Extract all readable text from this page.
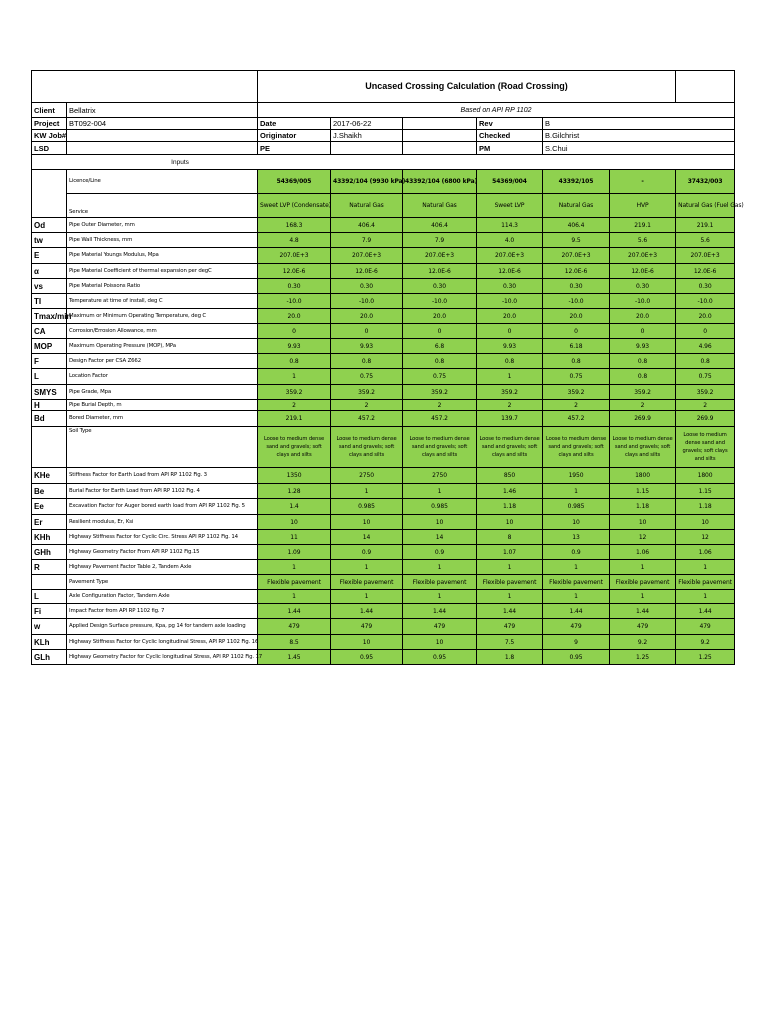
		Uncased Crossing Calculation (Road Crossing)						
Client	Bellatrix	Based on API RP 1102						
Project	BT092-004	Date	2017-06-22		Rev	B		
KW Job#		Originator	J.Shaikh		Checked	B.Gilchrist		
LSD		PE			PM	S.Chui		
Inputs								
	Licence/Line	54369/005	43392/104 (9930 kPa)	43392/104 (6800 kPa)	54369/004	43392/105	-	37432/003
	Service	Sweet LVP (Condensate)	Natural Gas	Natural Gas	Sweet LVP	Natural Gas	HVP	Natural Gas (Fuel Gas)
Od	Pipe Outer Diameter, mm	168.3	406.4	406.4	114.3	406.4	219.1	219.1
tw	Pipe Wall Thickness, mm	4.8	7.9	7.9	4.0	9.5	5.6	5.6
E	Pipe Material Youngs Modulus, Mpa	207.0E+3	207.0E+3	207.0E+3	207.0E+3	207.0E+3	207.0E+3	207.0E+3
α	Pipe Material Coefficient of thermal expansion per degC	12.0E-6	12.0E-6	12.0E-6	12.0E-6	12.0E-6	12.0E-6	12.0E-6
vs	Pipe Material Poissons Ratio	0.30	0.30	0.30	0.30	0.30	0.30	0.30
TI	Temperature at time of install, deg C	-10.0	-10.0	-10.0	-10.0	-10.0	-10.0	-10.0
Tmax/min	Maximum or Minimum Operating Temperature, deg C	20.0	20.0	20.0	20.0	20.0	20.0	20.0
CA	Corrosion/Errosion Allowance, mm	0	0	0	0	0	0	0
MOP	Maximum Operating Pressure (MOP), MPa	9.93	9.93	6.8	9.93	6.18	9.93	4.96
F	Design Factor per CSA Z662	0.8	0.8	0.8	0.8	0.8	0.8	0.8
L	Location Factor	1	0.75	0.75	1	0.75	0.8	0.75
SMYS	Pipe Grade, Mpa	359.2	359.2	359.2	359.2	359.2	359.2	359.2
H	Pipe Burial Depth, m	2	2	2	2	2	2	2
Bd	Bored Diameter, mm	219.1	457.2	457.2	139.7	457.2	269.9	269.9
	Soil Type	Loose to medium dense sand and gravels; soft clays and silts	Loose to medium dense sand and gravels; soft clays and silts	Loose to medium dense sand and gravels; soft clays and silts	Loose to medium dense sand and gravels; soft clays and silts	Loose to medium dense sand and gravels; soft clays and silts	Loose to medium dense sand and gravels; soft clays and silts	Loose to medium dense sand and gravels; soft clays and silts
KHe	Stiffness Factor for Earth Load from API RP 1102 Fig. 3	1350	2750	2750	850	1950	1800	1800
Be	Burial Factor for Earth Load from API RP 1102 Fig. 4	1.28	1	1	1.46	1	1.15	1.15
Ee	Excavation Factor for Auger bored earth load from API RP 1102 Fig. 5	1.4	0.985	0.985	1.18	0.985	1.18	1.18
Er	Resilient modulus, Er, Ksi	10	10	10	10	10	10	10
KHh	Highway Stiffness Factor for Cyclic Circ. Stress API RP 1102 Fig. 14	11	14	14	8	13	12	12
GHh	Highway Geometry Factor From API RP 1102 Fig.15	1.09	0.9	0.9	1.07	0.9	1.06	1.06
R	Highway Pavement Factor Table 2, Tandem Axle	1	1	1	1	1	1	1
	Pavement Type	Flexible pavement	Flexible pavement	Flexible pavement	Flexible pavement	Flexible pavement	Flexible pavement	Flexible pavement
L	Axle Configuration Factor, Tandem Axle	1	1	1	1	1	1	1
Fi	Impact Factor from API RP 1102 fig. 7	1.44	1.44	1.44	1.44	1.44	1.44	1.44
w	Applied Design Surface pressure, Kpa, pg 14 for tandem axle loading	479	479	479	479	479	479	479
KLh	Highway Stiffness Factor for Cyclic longitudinal Stress, API RP 1102 Fig. 16	8.5	10	10	7.5	9	9.2	9.2
GLh	Highway Geometry Factor for Cyclic longitudinal Stress, API RP 1102 Fig. 17	1.45	0.95	0.95	1.8	0.95	1.25	1.25
